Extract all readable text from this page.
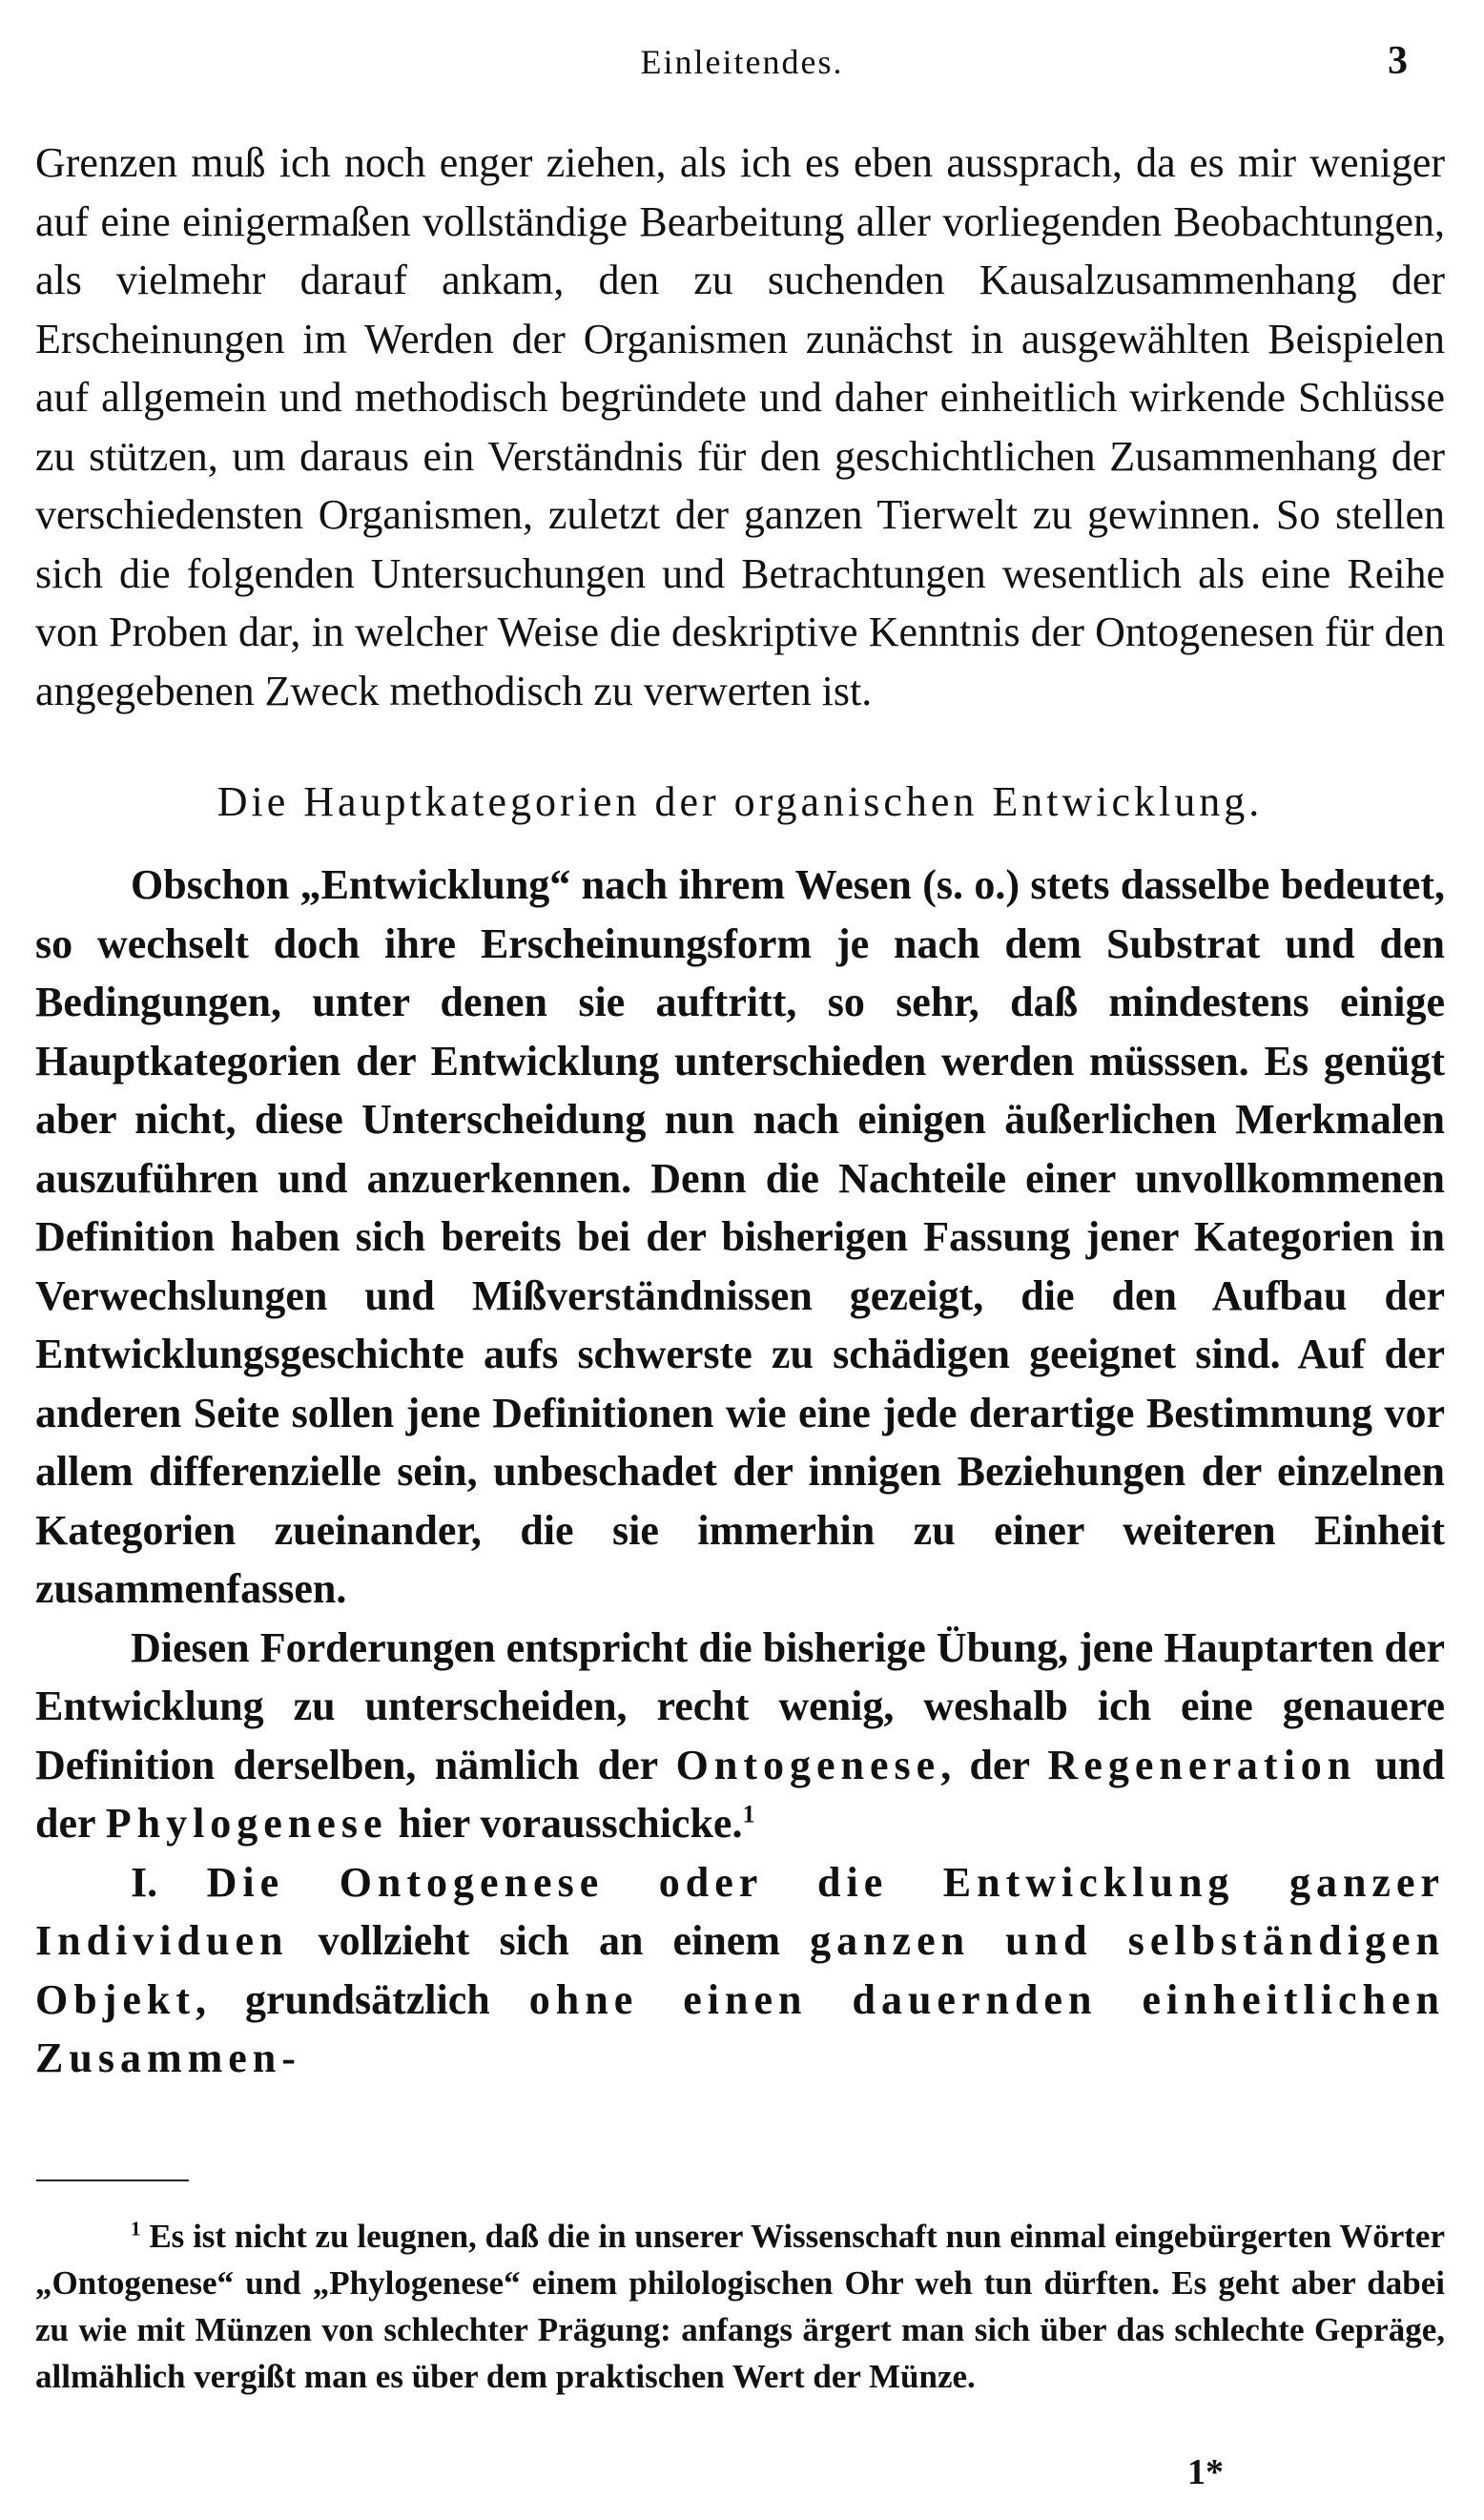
Einleitendes.	3

Grenzen muß ich noch enger ziehen, als ich es eben aussprach, da es mir weniger auf eine einigermaßen vollständige Bearbeitung aller vorliegenden Beobachtungen, als vielmehr darauf ankam, den zu suchenden Kausalzusammenhang der Erscheinungen im Werden der Organismen zunächst in ausgewählten Beispielen auf allgemein und methodisch begründete und daher einheitlich wirkende Schlüsse zu stützen, um daraus ein Verständnis für den geschichtlichen Zusammenhang der verschiedensten Organismen, zuletzt der ganzen Tierwelt zu gewinnen. So stellen sich die folgenden Untersuchungen und Betrachtungen wesentlich als eine Reihe von Proben dar, in welcher Weise die deskriptive Kenntnis der Ontogenesen für den angegebenen Zweck methodisch zu verwerten ist.

Die Hauptkategorien der organischen Entwicklung.

Obschon „Entwicklung“ nach ihrem Wesen (s. o.) stets dasselbe bedeutet, so wechselt doch ihre Erscheinungsform je nach dem Substrat und den Bedingungen, unter denen sie auftritt, so sehr, daß mindestens einige Hauptkategorien der Entwicklung unterschieden werden müsssen. Es genügt aber nicht, diese Unterscheidung nun nach einigen äußerlichen Merkmalen auszuführen und anzuerkennen. Denn die Nachteile einer unvollkommenen Definition haben sich bereits bei der bisherigen Fassung jener Kategorien in Verwechslungen und Mißverständnissen gezeigt, die den Aufbau der Entwicklungsgeschichte aufs schwerste zu schädigen geeignet sind. Auf der anderen Seite sollen jene Definitionen wie eine jede derartige Bestimmung vor allem differenzielle sein, unbeschadet der innigen Beziehungen der einzelnen Kategorien zueinander, die sie immerhin zu einer weiteren Einheit zusammenfassen.

Diesen Forderungen entspricht die bisherige Übung, jene Hauptarten der Entwicklung zu unterscheiden, recht wenig, weshalb ich eine genauere Definition derselben, nämlich der Ontogenese, der Regeneration und der Phylogenese hier vorausschicke.$^1$

I. Die Ontogenese oder die Entwicklung ganzer Individuen vollzieht sich an einem ganzen und selbständigen Objekt, grundsätzlich ohne einen dauernden einheitlichen Zusammen-

$^1$ Es ist nicht zu leugnen, daß die in unserer Wissenschaft nun einmal eingebürgerten Wörter „Ontogenese“ und „Phylogenese“ einem philologischen Ohr weh tun dürften. Es geht aber dabei zu wie mit Münzen von schlechter Prägung: anfangs ärgert man sich über das schlechte Gepräge, allmählich vergißt man es über dem praktischen Wert der Münze.

1*
